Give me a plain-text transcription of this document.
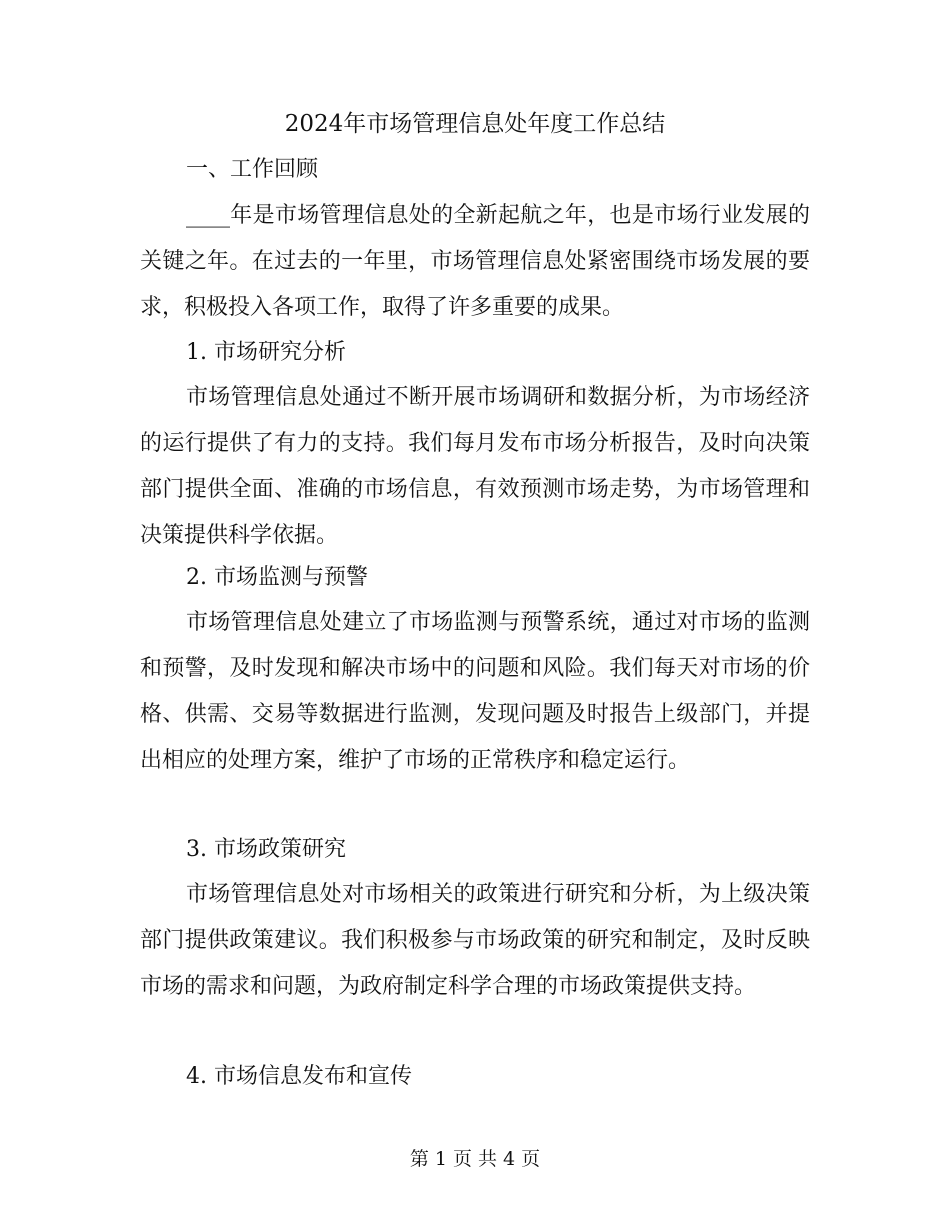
2024年市场管理信息处年度工作总结
一、工作回顾

____年是市场管理信息处的全新起航之年，也是市场行业发展的关键之年。在过去的一年里，市场管理信息处紧密围绕市场发展的要求，积极投入各项工作，取得了许多重要的成果。

1. 市场研究分析

市场管理信息处通过不断开展市场调研和数据分析，为市场经济的运行提供了有力的支持。我们每月发布市场分析报告，及时向决策部门提供全面、准确的市场信息，有效预测市场走势，为市场管理和决策提供科学依据。

2. 市场监测与预警

市场管理信息处建立了市场监测与预警系统，通过对市场的监测和预警，及时发现和解决市场中的问题和风险。我们每天对市场的价格、供需、交易等数据进行监测，发现问题及时报告上级部门，并提出相应的处理方案，维护了市场的正常秩序和稳定运行。

3. 市场政策研究

市场管理信息处对市场相关的政策进行研究和分析，为上级决策部门提供政策建议。我们积极参与市场政策的研究和制定，及时反映市场的需求和问题，为政府制定科学合理的市场政策提供支持。

4. 市场信息发布和宣传
第 1 页 共 4 页
